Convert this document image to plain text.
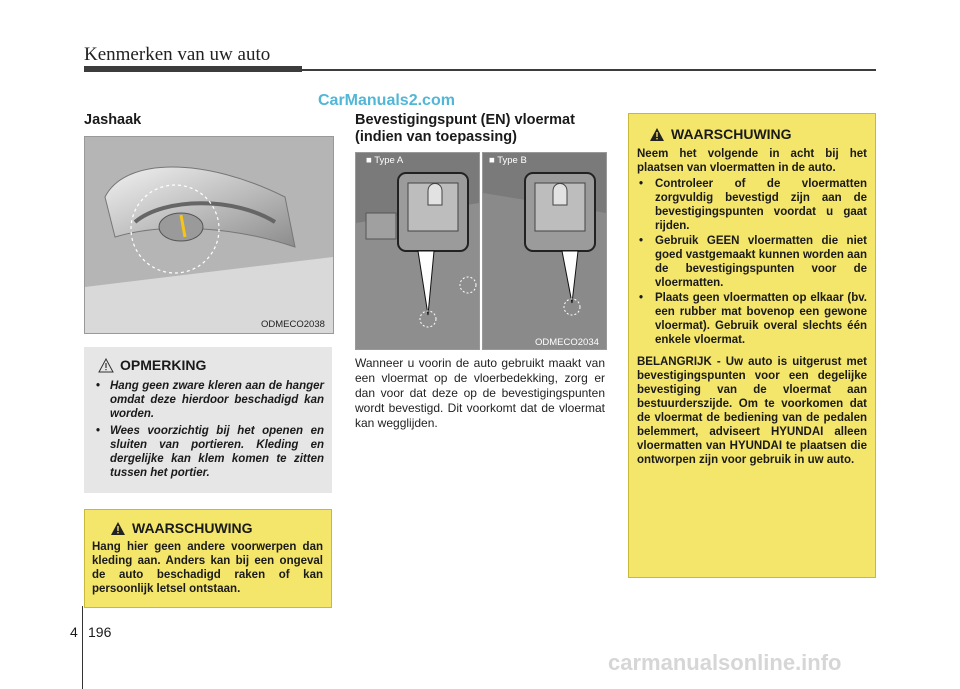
Kenmerken van uw auto
CarManuals2.com
Jashaak
ODMECO2038
OPMERKING
• Hang geen zware kleren aan de hanger omdat deze hierdoor beschadigd kan worden.
• Wees voorzichtig bij het openen en sluiten van portieren. Kleding en dergelijke kan klem komen te zitten tussen het portier.
WAARSCHUWING
Hang hier geen andere voorwerpen dan kleding aan. Anders kan bij een ongeval de auto beschadigd raken of kan persoonlijk letsel ontstaan.
Bevestigingspunt (EN) vloermat
(indien van toepassing)
■ Type A	■ Type B
ODMECO2034
Wanneer u voorin de auto gebruikt maakt van een vloermat op de vloerbedekking, zorg er dan voor dat deze op de bevestigingspunten wordt bevestigd. Dit voorkomt dat de vloermat kan wegglijden.
WAARSCHUWING
Neem het volgende in acht bij het plaatsen van vloermatten in de auto.
• Controleer of de vloermatten zorgvuldig bevestigd zijn aan de bevestigingspunten voordat u gaat rijden.
• Gebruik GEEN vloermatten die niet goed vastgemaakt kunnen worden aan de bevestigingspunten voor de vloermatten.
• Plaats geen vloermatten op elkaar (bv. een rubber mat bovenop een gewone vloermat). Gebruik overal slechts één enkele vloermat.
BELANGRIJK - Uw auto is uitgerust met bevestigingspunten voor een degelijke bevestiging van de vloermat aan bestuurderszijde. Om te voorkomen dat de vloermat de bediening van de pedalen belemmert, adviseert HYUNDAI alleen vloermatten van HYUNDAI te plaatsen die ontworpen zijn voor gebruik in uw auto.
4 196
carmanualsonline.info
